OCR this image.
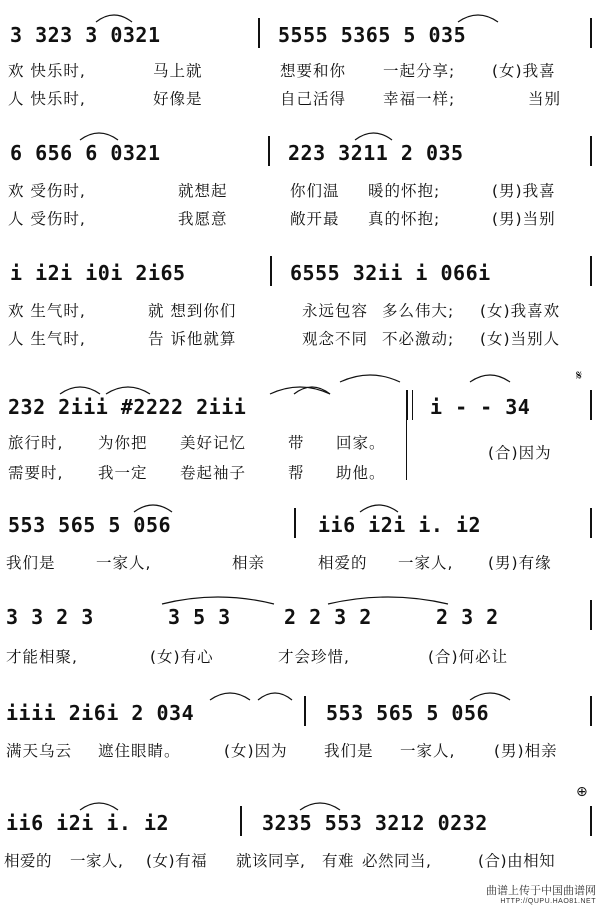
3 323 3 0321	5555 5365 5 035
欢 快乐时,	马上就	想要和你 一起分享; (女)我喜
人 快乐时,	好像是	自己活得 幸福一样;	当别
6 656 6 0321	223 3211 2 035
欢 受伤时,	就想起	你们温 暖的怀抱;	(男)我喜
人 受伤时,	我愿意	敞开最 真的怀抱;	(男)当别
i i2i i0i 2i65	6555 32ii i 066i
欢 生气时,	就 想到你们	永远包容 多么伟大; (女)我喜欢
人 生气时,	告 诉他就算	观念不同 不必激动; (女)当别人
𝄋
232 2iii #2222 2iii	i - - 34
旅行时, 为你把 美好记忆	带 回家。
(合)因为
需要时, 我一定 卷起袖子	帮 助他。
553 565 5 056	ii6 i2i i. i2
我们是	一家人,	相亲	相爱的 一家人, (男)有缘
3 3 2 3	3 5 3	2 2 3 2	2 3 2
才能相聚,	(女)有心	才会珍惜,	(合)何必让
iiii 2i6i 2 034	553 565 5 056
满天乌云 遮住眼睛。	(女)因为 我们是 一家人, (男)相亲
⊕
ii6 i2i i. i2	3235 553 3212 0232
相爱的 一家人, (女)有福 就该同享, 有难 必然同当,	(合)由相知
曲谱上传于中国曲谱网
HTTP://QUPU.HAO81.NET
